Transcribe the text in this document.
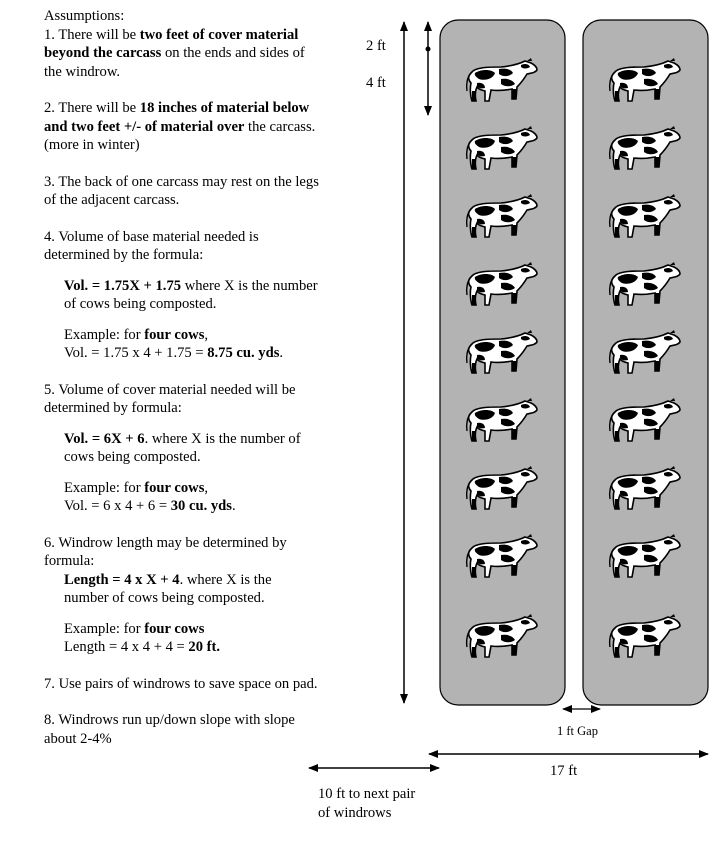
2 ft
4 ft
1 ft Gap
17 ft
10 ft to next pair
of windrows

Assumptions:

1. There will be two feet of cover material beyond the carcass on the ends and sides of the windrow.

2. There will be 18 inches of material below and two feet +/- of material over the carcass. (more in winter)

3. The back of one carcass may rest on the legs of the adjacent carcass.

4. Volume of base material needed is determined by the formula:

Vol. = 1.75X + 1.75 where X is the number of cows being composted.

Example: for four cows,
Vol. = 1.75 x 4 + 1.75 = 8.75 cu. yds.

5. Volume of cover material needed will be determined by formula:

Vol. = 6X + 6. where X is the number of cows being composted.

Example: for four cows,
Vol. = 6 x 4 + 6 = 30 cu. yds.

6. Windrow length may be determined by formula:

Length = 4 x X + 4. where X is the number of cows being composted.

Example: for four cows
Length = 4 x 4 + 4 = 20 ft.

7. Use pairs of windrows to save space on pad.

8. Windrows run up/down slope with slope about 2-4%
